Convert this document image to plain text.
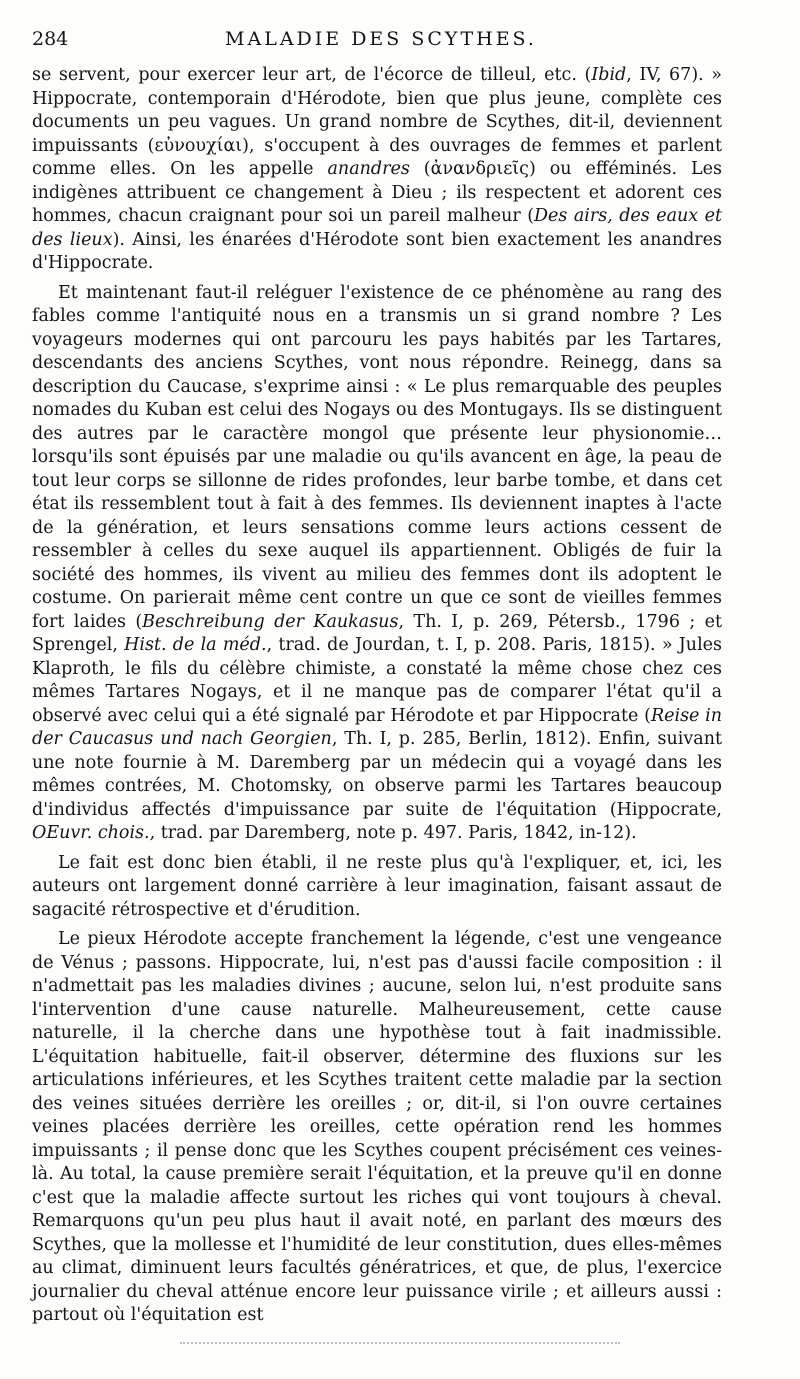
284	MALADIE DES SCYTHES.

se servent, pour exercer leur art, de l'écorce de tilleul, etc. (Ibid, IV, 67). » Hippocrate, contemporain d'Hérodote, bien que plus jeune, complète ces documents un peu vagues. Un grand nombre de Scythes, dit-il, deviennent impuissants (εὐνουχίαι), s'occupent à des ouvrages de femmes et parlent comme elles. On les appelle anandres (ἀνανδριεῖς) ou efféminés. Les indigènes attribuent ce changement à Dieu ; ils respectent et adorent ces hommes, chacun craignant pour soi un pareil malheur (Des airs, des eaux et des lieux). Ainsi, les énarées d'Hérodote sont bien exactement les anandres d'Hippocrate.

Et maintenant faut-il reléguer l'existence de ce phénomène au rang des fables comme l'antiquité nous en a transmis un si grand nombre ? Les voyageurs modernes qui ont parcouru les pays habités par les Tartares, descendants des anciens Scythes, vont nous répondre. Reinegg, dans sa description du Caucase, s'exprime ainsi : « Le plus remarquable des peuples nomades du Kuban est celui des Nogays ou des Montugays. Ils se distinguent des autres par le caractère mongol que présente leur physionomie… lorsqu'ils sont épuisés par une maladie ou qu'ils avancent en âge, la peau de tout leur corps se sillonne de rides profondes, leur barbe tombe, et dans cet état ils ressemblent tout à fait à des femmes. Ils deviennent inaptes à l'acte de la génération, et leurs sensations comme leurs actions cessent de ressembler à celles du sexe auquel ils appartiennent. Obligés de fuir la société des hommes, ils vivent au milieu des femmes dont ils adoptent le costume. On parierait même cent contre un que ce sont de vieilles femmes fort laides (Beschreibung der Kaukasus, Th. I, p. 269, Pétersb., 1796 ; et Sprengel, Hist. de la méd., trad. de Jourdan, t. I, p. 208. Paris, 1815). » Jules Klaproth, le fils du célèbre chimiste, a constaté la même chose chez ces mêmes Tartares Nogays, et il ne manque pas de comparer l'état qu'il a observé avec celui qui a été signalé par Hérodote et par Hippocrate (Reise in der Caucasus und nach Georgien, Th. I, p. 285, Berlin, 1812). Enfin, suivant une note fournie à M. Daremberg par un médecin qui a voyagé dans les mêmes contrées, M. Chotomsky, on observe parmi les Tartares beaucoup d'individus affectés d'impuissance par suite de l'équitation (Hippocrate, OEuvr. chois., trad. par Daremberg, note p. 497. Paris, 1842, in-12).

Le fait est donc bien établi, il ne reste plus qu'à l'expliquer, et, ici, les auteurs ont largement donné carrière à leur imagination, faisant assaut de sagacité rétrospective et d'érudition.

Le pieux Hérodote accepte franchement la légende, c'est une vengeance de Vénus ; passons. Hippocrate, lui, n'est pas d'aussi facile composition : il n'admettait pas les maladies divines ; aucune, selon lui, n'est produite sans l'intervention d'une cause naturelle. Malheureusement, cette cause naturelle, il la cherche dans une hypothèse tout à fait inadmissible. L'équitation habituelle, fait-il observer, détermine des fluxions sur les articulations inférieures, et les Scythes traitent cette maladie par la section des veines situées derrière les oreilles ; or, dit-il, si l'on ouvre certaines veines placées derrière les oreilles, cette opération rend les hommes impuissants ; il pense donc que les Scythes coupent précisément ces veines-là. Au total, la cause première serait l'équitation, et la preuve qu'il en donne c'est que la maladie affecte surtout les riches qui vont toujours à cheval. Remarquons qu'un peu plus haut il avait noté, en parlant des mœurs des Scythes, que la mollesse et l'humidité de leur constitution, dues elles-mêmes au climat, diminuent leurs facultés génératrices, et que, de plus, l'exercice journalier du cheval atténue encore leur puissance virile ; et ailleurs aussi : partout où l'équitation est
